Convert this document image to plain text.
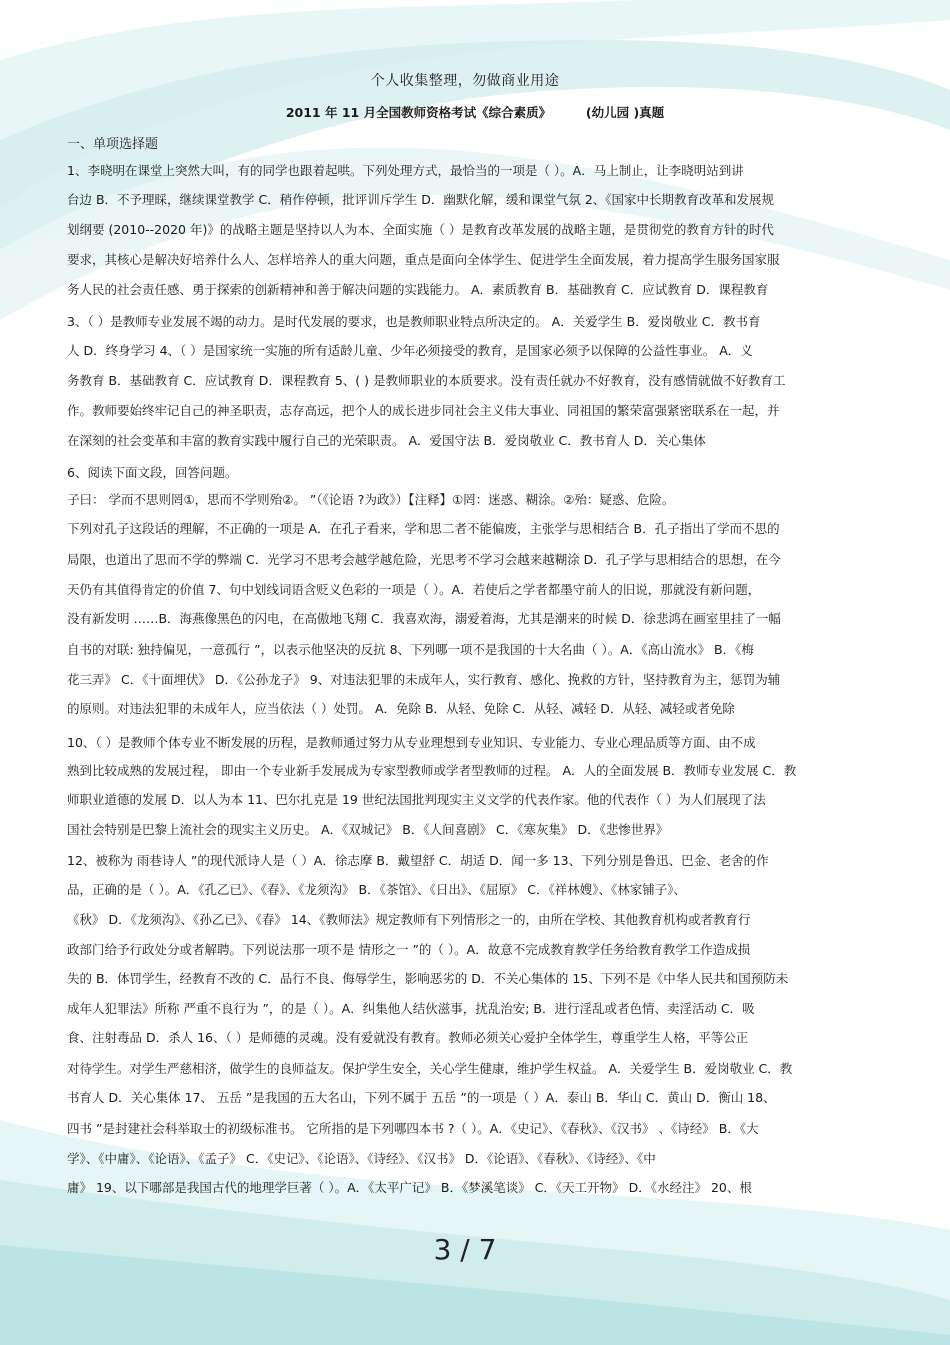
个人收集整理，勿做商业用途
2011 年 11 月全国教师资格考试《综合素质》        (幼儿园 )真题
一、单项选择题
1、李晓明在课堂上突然大叫，有的同学也跟着起哄。下列处理方式，最恰当的一项是（ ）。A．马上制止，让李晓明站到讲
台边 B．不予理睬，继续课堂教学 C．稍作停顿，批评训斥学生 D．幽默化解，缓和课堂气氛 2、《国家中长期教育改革和发展规
划纲要 (2010--2020 年)》的战略主题是坚持以人为本、全面实施（ ）是教育改革发展的战略主题，是贯彻党的教育方针的时代
要求，其核心是解决好培养什么人、怎样培养人的重大问题，重点是面向全体学生、促进学生全面发展，着力提高学生服务国家服
务人民的社会责任感、勇于探索的创新精神和善于解决问题的实践能力。 A．素质教育 B．基础教育 C．应试教育 D．课程教育
3、（ ）是教师专业发展不竭的动力。是时代发展的要求，也是教师职业特点所决定的。 A．关爱学生 B．爱岗敬业 C．教书育
人 D．终身学习 4、（ ）是国家统一实施的所有适龄儿童、少年必须接受的教育，是国家必须予以保障的公益性事业。 A．义
务教育 B．基础教育 C．应试教育 D．课程教育 5、( ) 是教师职业的本质要求。没有责任就办不好教育，没有感情就做不好教育工
作。教师要始终牢记自己的神圣职责，志存高远，把个人的成长进步同社会主义伟大事业、同祖国的繁荣富强紧密联系在一起，并
在深刻的社会变革和丰富的教育实践中履行自己的光荣职责。 A．爱国守法 B．爱岗敬业 C．教书育人 D．关心集体
6、阅读下面文段，回答问题。
子曰： 学而不思则罔①，思而不学则殆②。 ”（《论语 ?为政》）【注释】①罔：迷惑、糊涂。②殆：疑惑、危险。
下列对孔子这段话的理解，不正确的一项是 A．在孔子看来，学和思二者不能偏废，主张学与思相结合 B．孔子指出了学而不思的
局限，也道出了思而不学的弊端 C．光学习不思考会越学越危险，光思考不学习会越来越糊涂 D．孔子学与思相结合的思想，在今
天仍有其值得肯定的价值 7、句中划线词语含贬义色彩的一项是（ ）。A．若使后之学者都墨守前人的旧说，那就没有新问题，
没有新发明 ……B．海燕像黑色的闪电，在高傲地飞翔 C．我喜欢海，溺爱着海，尤其是潮来的时候 D．徐悲鸿在画室里挂了一幅
自书的对联: 独持偏见，一意孤行 ”，以表示他坚决的反抗 8、下列哪一项不是我国的十大名曲（ ）。A．《高山流水》 B．《梅
花三弄》 C．《十面埋伏》 D．《公孙龙子》 9、对违法犯罪的未成年人，实行教育、感化、挽救的方针，坚持教育为主，惩罚为辅
的原则。对违法犯罪的未成年人，应当依法（ ）处罚。 A．免除 B．从轻、免除 C．从轻、减轻 D．从轻、减轻或者免除
10、（ ）是教师个体专业不断发展的历程，是教师通过努力从专业理想到专业知识、专业能力、专业心理品质等方面、由不成
熟到比较成熟的发展过程， 即由一个专业新手发展成为专家型教师或学者型教师的过程。 A．人的全面发展 B．教师专业发展 C．教
师职业道德的发展 D．以人为本 11、巴尔扎克是 19 世纪法国批判现实主义文学的代表作家。他的代表作（ ）为人们展现了法
国社会特别是巴黎上流社会的现实主义历史。 A．《双城记》 B．《人间喜剧》 C．《寒灰集》 D．《悲惨世界》
12、被称为 雨巷诗人 ”的现代派诗人是（ ）A．徐志摩 B．戴望舒 C．胡适 D．闻一多 13、下列分别是鲁迅、巴金、老舍的作
品，正确的是（ ）。A．《孔乙已》、《春》、《龙须沟》 B．《茶馆》、《日出》、《屈原》 C．《祥林嫂》、《林家铺子》、
《秋》 D．《龙须沟》、《孙乙已》、《春》 14、《教师法》规定教师有下列情形之一的，由所在学校、其他教育机构或者教育行
政部门给予行政处分或者解聘。下列说法那一项不是 情形之一 ”的（ ）。A．故意不完成教育教学任务给教育教学工作造成损
失的 B．体罚学生，经教育不改的 C．品行不良、侮辱学生，影响恶劣的 D．不关心集体的 15、下列不是《中华人民共和国预防未
成年人犯罪法》所称 严重不良行为 ”，的是（ ）。A．纠集他人结伙滋事，扰乱治安; B．进行淫乱或者色情、卖淫活动 C．吸
食、注射毒品 D．杀人 16、（ ）是师德的灵魂。没有爱就没有教育。教师必须关心爱护全体学生，尊重学生人格，平等公正
对待学生。对学生严慈相济，做学生的良师益友。保护学生安全，关心学生健康，维护学生权益。 A．关爱学生 B．爱岗敬业 C．教
书育人 D．关心集体 17、 五岳 ”是我国的五大名山，下列不属于 五岳 ”的一项是（ ）A．泰山 B．华山 C．黄山 D．衡山 18、
四书 ”是封建社会科举取士的初级标准书。 它所指的是下列哪四本书 ?（ ）。A．《史记》、《春秋》、《汉书》 、《诗经》 B．《大
学》、《中庸》、《论语》、《孟子》 C．《史记》、《论语》、《诗经》、《汉书》 D．《论语》、《春秋》、《诗经》、《中
庸》 19、以下哪部是我国古代的地理学巨著（ ）。A．《太平广记》 B．《梦溪笔谈》 C．《天工开物》 D．《水经注》 20、根
3 / 7
